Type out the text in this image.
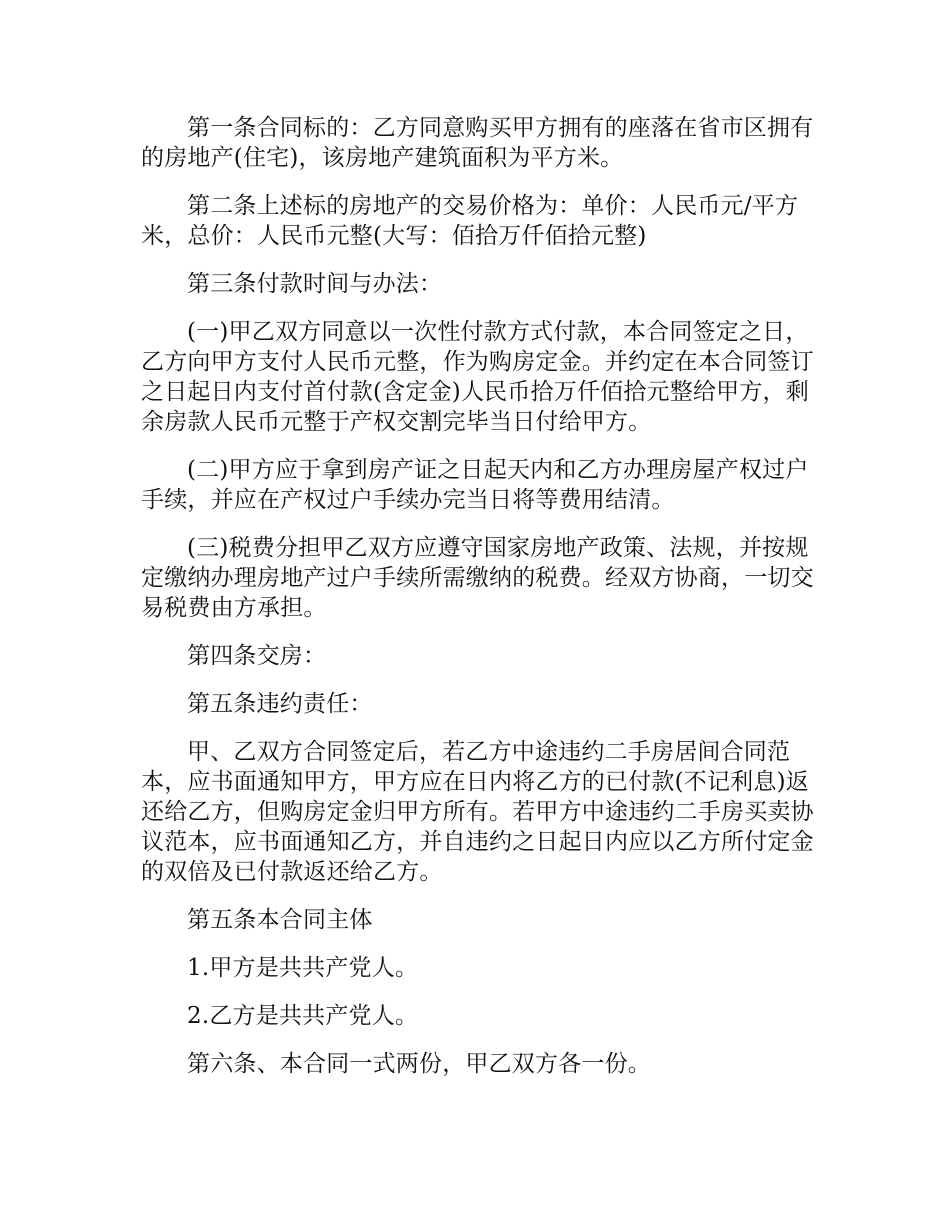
第一条合同标的：乙方同意购买甲方拥有的座落在省市区拥有的房地产(住宅)，该房地产建筑面积为平方米。

第二条上述标的房地产的交易价格为：单价：人民币元/平方米，总价：人民币元整(大写：佰拾万仟佰拾元整)

第三条付款时间与办法：

(一)甲乙双方同意以一次性付款方式付款，本合同签定之日，乙方向甲方支付人民币元整，作为购房定金。并约定在本合同签订之日起日内支付首付款(含定金)人民币拾万仟佰拾元整给甲方，剩余房款人民币元整于产权交割完毕当日付给甲方。

(二)甲方应于拿到房产证之日起天内和乙方办理房屋产权过户手续，并应在产权过户手续办完当日将等费用结清。

(三)税费分担甲乙双方应遵守国家房地产政策、法规，并按规定缴纳办理房地产过户手续所需缴纳的税费。经双方协商，一切交易税费由方承担。

第四条交房：

第五条违约责任：

甲、乙双方合同签定后，若乙方中途违约二手房居间合同范本，应书面通知甲方，甲方应在日内将乙方的已付款(不记利息)返还给乙方，但购房定金归甲方所有。若甲方中途违约二手房买卖协议范本，应书面通知乙方，并自违约之日起日内应以乙方所付定金的双倍及已付款返还给乙方。

第五条本合同主体

1.甲方是共共产党人。

2.乙方是共共产党人。

第六条、本合同一式两份，甲乙双方各一份。
